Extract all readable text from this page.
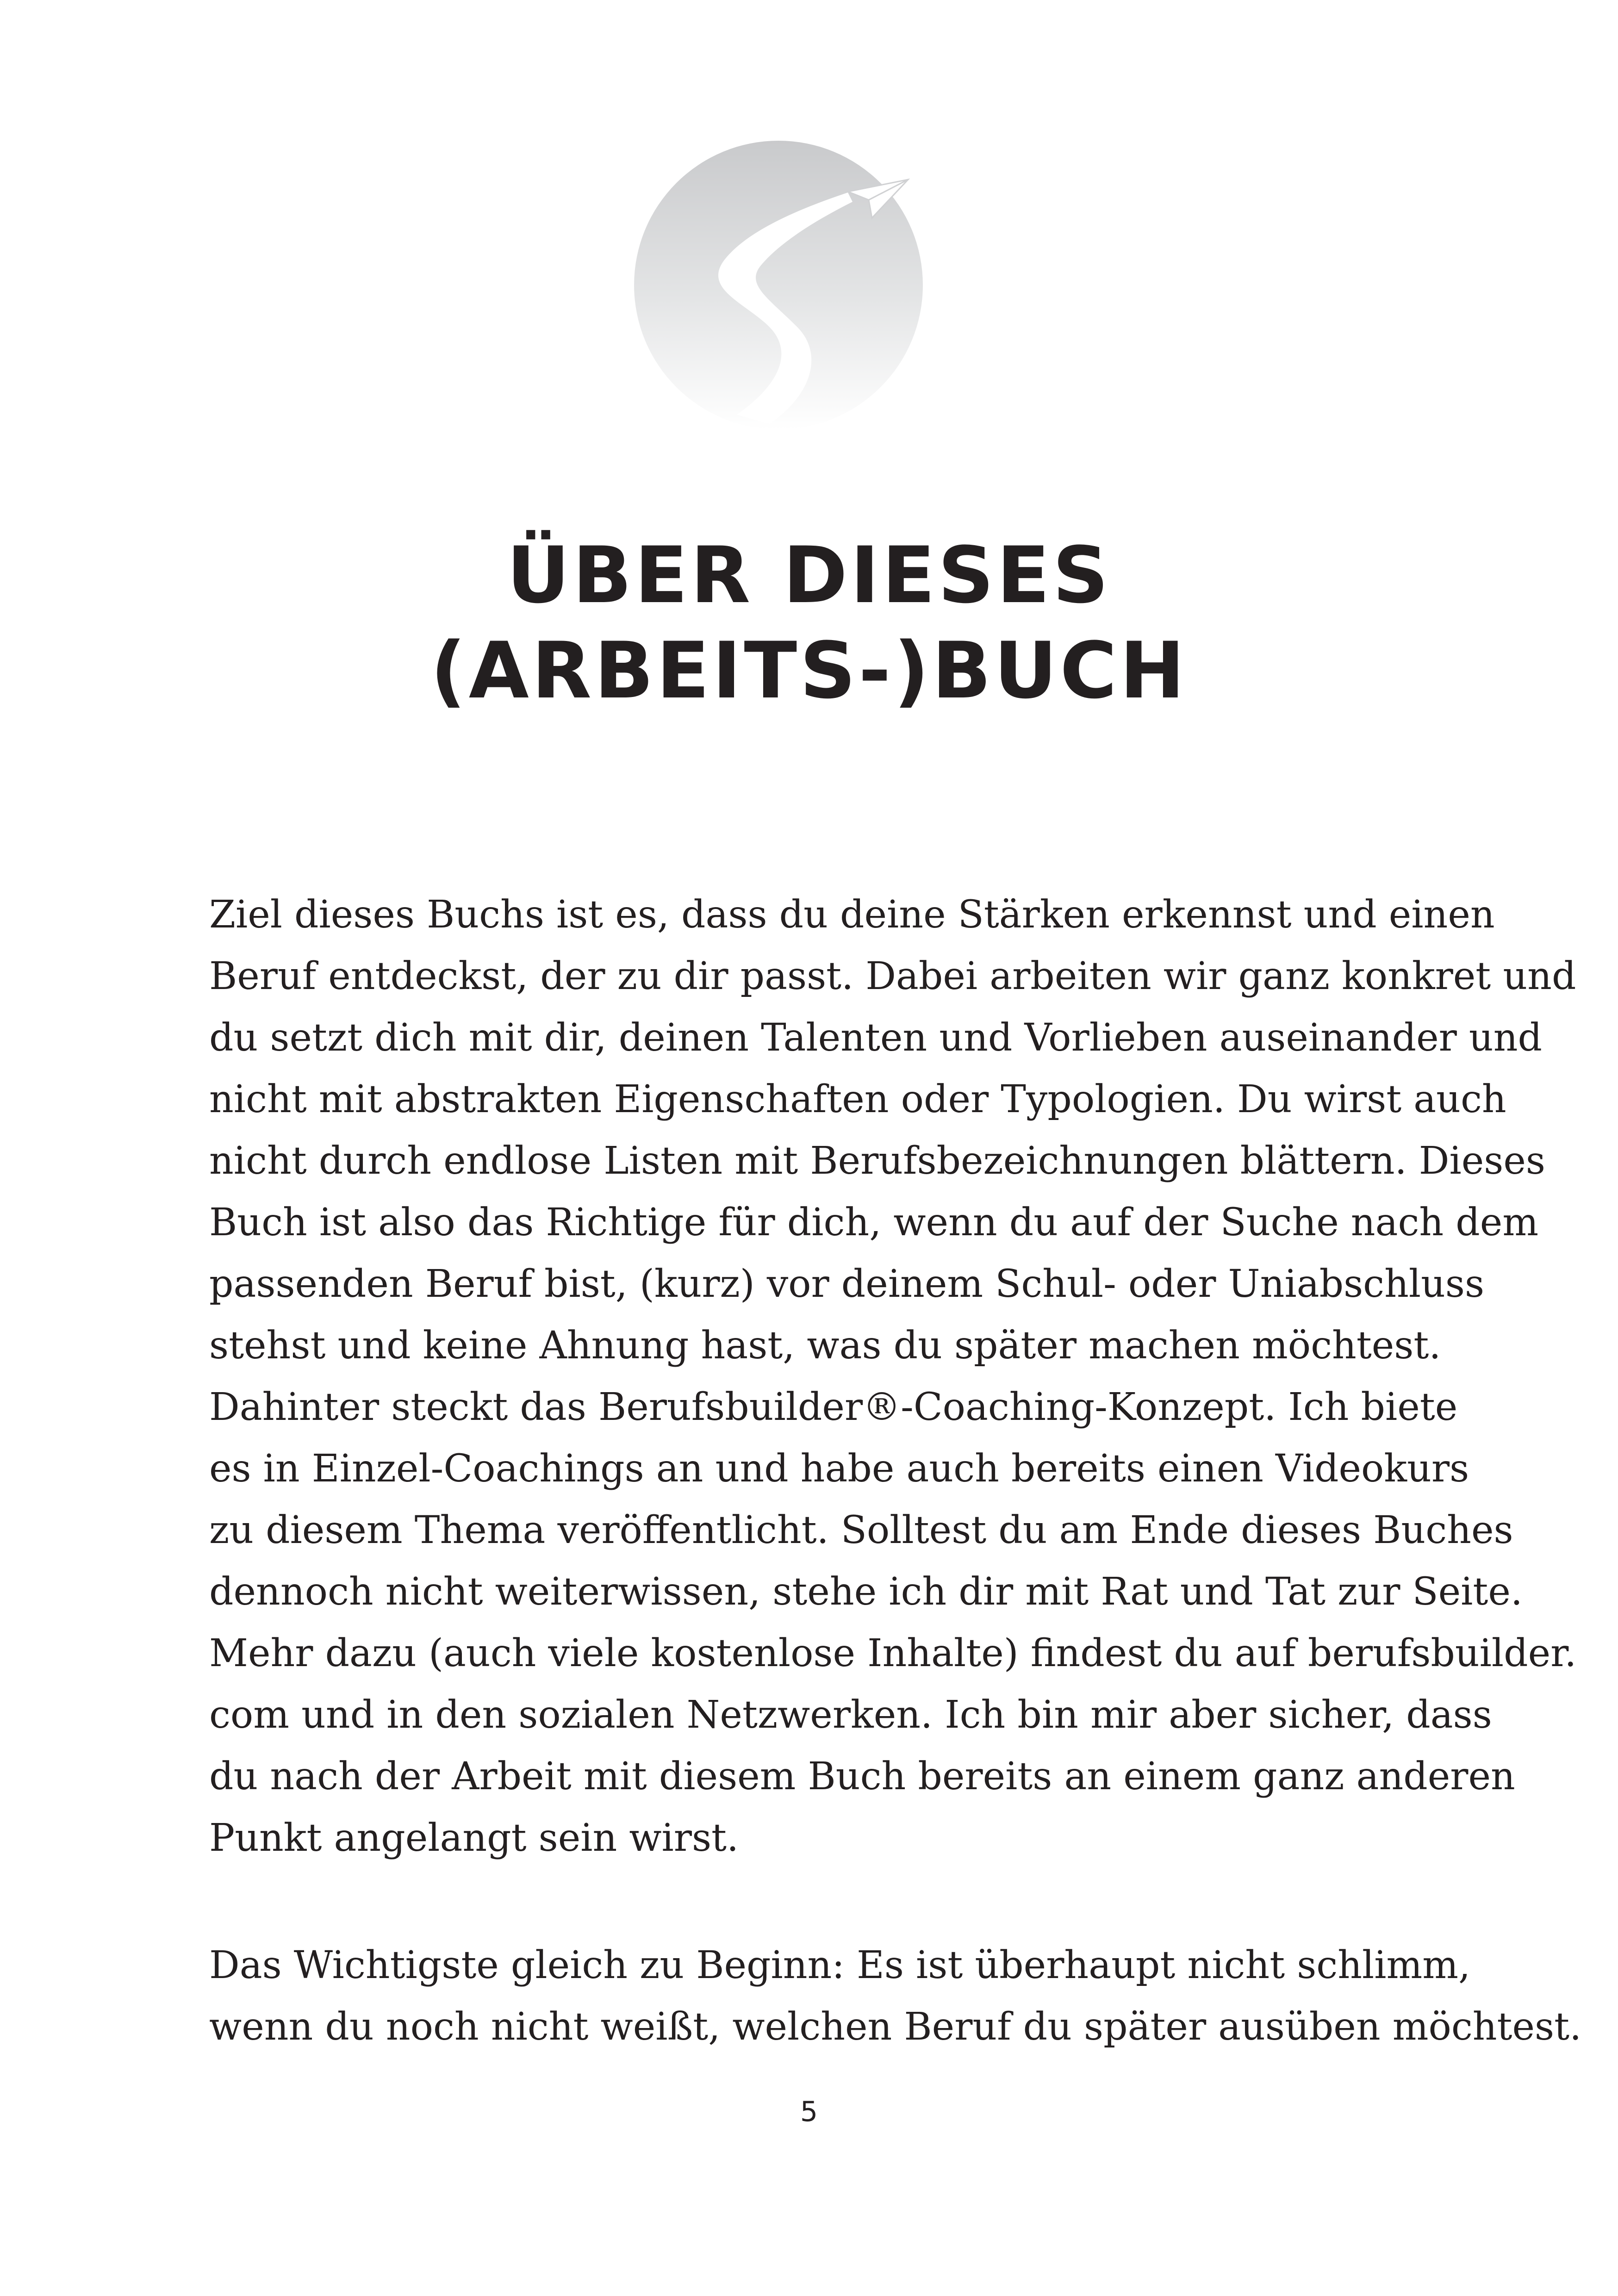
ÜBER DIESES
(ARBEITS-)BUCH

Ziel dieses Buchs ist es, dass du deine Stärken erkennst und einen
Beruf entdeckst, der zu dir passt. Dabei arbeiten wir ganz konkret und
du setzt dich mit dir, deinen Talenten und Vorlieben auseinander und
nicht mit abstrakten Eigenschaften oder Typologien. Du wirst auch
nicht durch endlose Listen mit Berufsbezeichnungen blättern. Dieses
Buch ist also das Richtige für dich, wenn du auf der Suche nach dem
passenden Beruf bist, (kurz) vor deinem Schul- oder Uniabschluss
stehst und keine Ahnung hast, was du später machen möchtest.
Dahinter steckt das Berufsbuilder®-Coaching-Konzept. Ich biete
es in Einzel-Coachings an und habe auch bereits einen Videokurs
zu diesem Thema veröffentlicht. Solltest du am Ende dieses Buches
dennoch nicht weiterwissen, stehe ich dir mit Rat und Tat zur Seite.
Mehr dazu (auch viele kostenlose Inhalte) findest du auf berufsbuilder.
com und in den sozialen Netzwerken. Ich bin mir aber sicher, dass
du nach der Arbeit mit diesem Buch bereits an einem ganz anderen
Punkt angelangt sein wirst.

Das Wichtigste gleich zu Beginn: Es ist überhaupt nicht schlimm,
wenn du noch nicht weißt, welchen Beruf du später ausüben möchtest.

5
